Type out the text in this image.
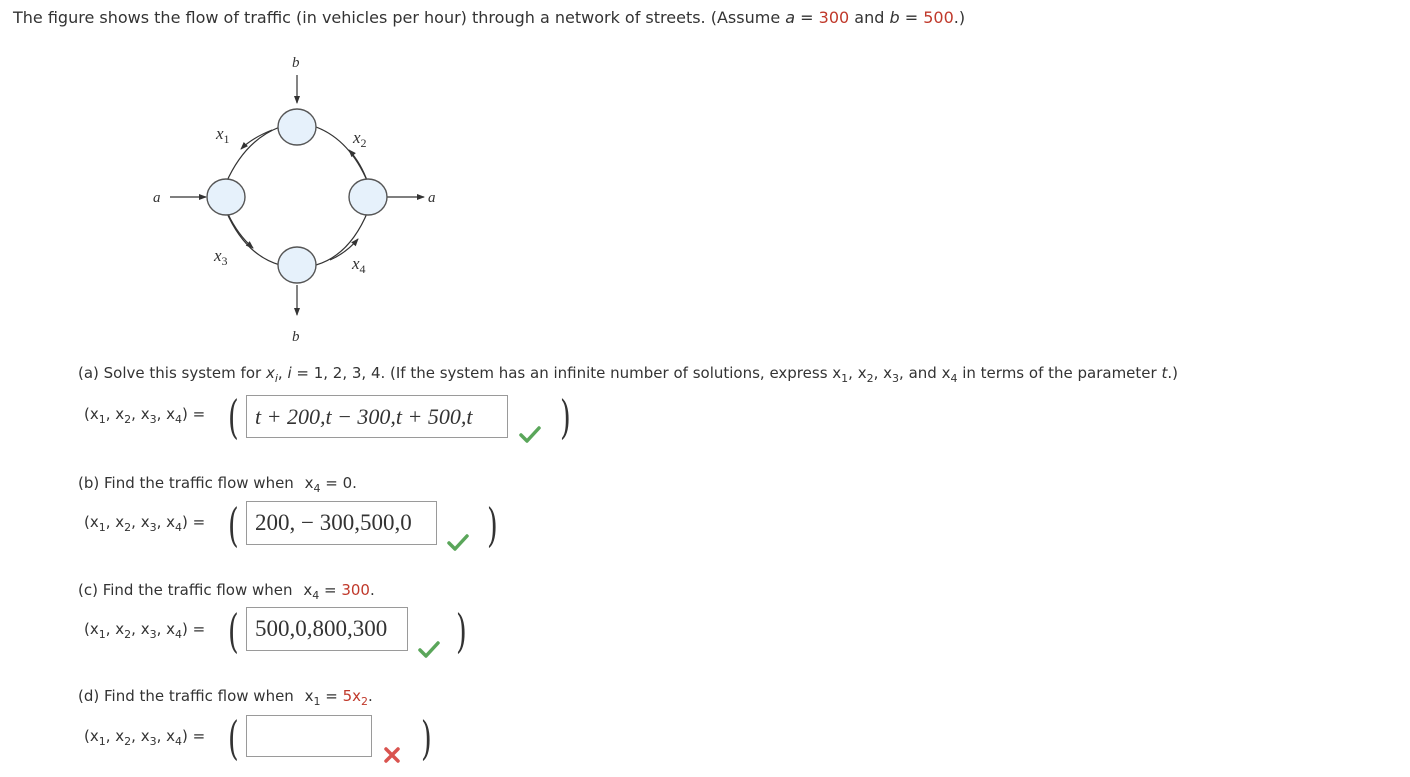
The figure shows the flow of traffic (in vehicles per hour) through a network of streets. (Assume a = 300 and b = 500.)
b
b
a	a
$x_1$	$x_2$
$x_3$	$x_4$
(a) Solve this system for $x_i$, i = 1, 2, 3, 4. (If the system has an infinite number of solutions, express $x_1$, $x_2$, $x_3$, and $x_4$ in terms of the parameter t.)
($x_1$, $x_2$, $x_3$, $x_4$) = ( t + 200,t − 300,t + 500,t	)
(b) Find the traffic flow when $x_4 = 0$.
($x_1$, $x_2$, $x_3$, $x_4$) = ( 200, − 300,500,0	)
(c) Find the traffic flow when $x_4 = 300$.
($x_1$, $x_2$, $x_3$, $x_4$) = ( 500,0,800,300	)
(d) Find the traffic flow when $x_1 = 5x_2$.
($x_1$, $x_2$, $x_3$, $x_4$) = (	)
